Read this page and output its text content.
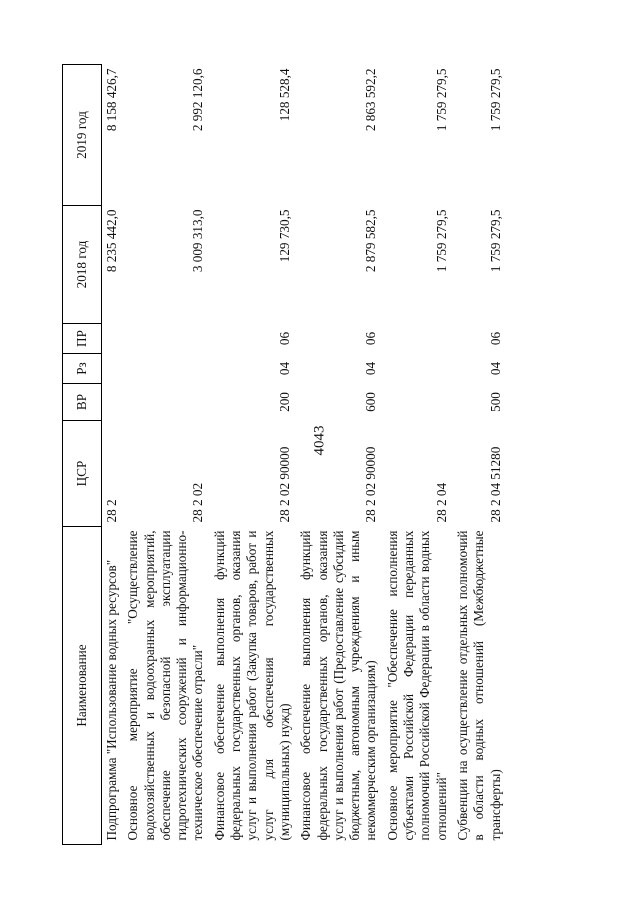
4043
Наименование	ЦСР	ВР	Рз	ПР	2018 год	2019 год
Подпрограмма "Использование водных ресурсов"	28 2				8 235 442,0	8 158 426,7
Основное мероприятие "Осуществление водохозяйственных и водоохранных мероприятий, обеспечение безопасной эксплуатации гидротехнических сооружений и информационно-техническое обеспечение отрасли"	28 2 02				3 009 313,0	2 992 120,6
Финансовое обеспечение выполнения функций федеральных государственных органов, оказания услуг и выполнения работ (Закупка товаров, работ и услуг для обеспечения государственных (муниципальных) нужд)	28 2 02 90000	200	04	06	129 730,5	128 528,4
Финансовое обеспечение выполнения функций федеральных государственных органов, оказания услуг и выполнения работ (Предоставление субсидий бюджетным, автономным учреждениям и иным некоммерческим организациям)	28 2 02 90000	600	04	06	2 879 582,5	2 863 592,2
Основное мероприятие "Обеспечение исполнения субъектами Российской Федерации переданных полномочий Российской Федерации в области водных отношений"	28 2 04				1 759 279,5	1 759 279,5
Субвенции на осуществление отдельных полномочий в области водных отношений (Межбюджетные трансферты)	28 2 04 51280	500	04	06	1 759 279,5	1 759 279,5
